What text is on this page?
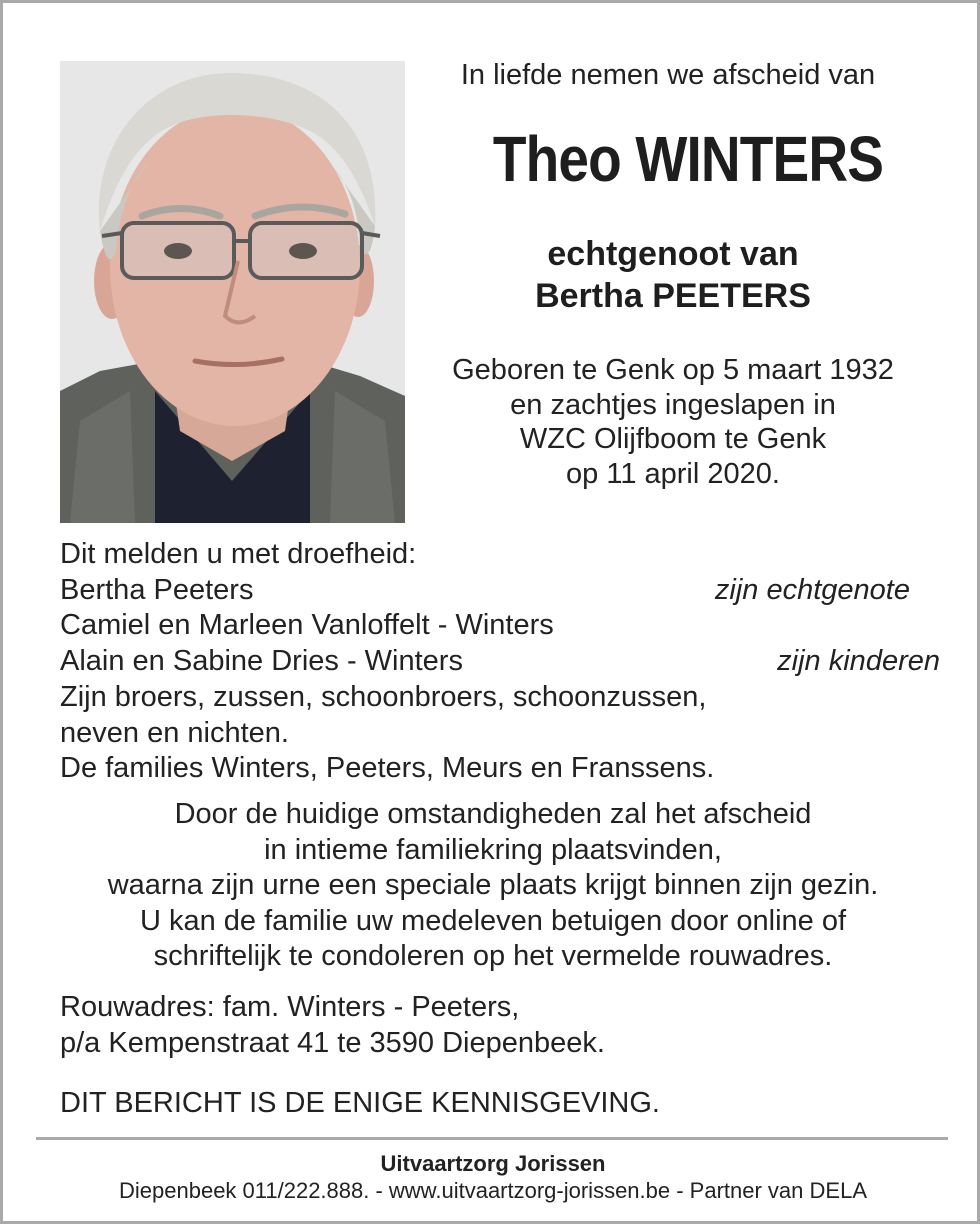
In liefde nemen we afscheid van

Theo WINTERS
echtgenoot van
Bertha PEETERS
Geboren te Genk op 5 maart 1932
en zachtjes ingeslapen in
WZC Olijfboom te Genk
op 11 april 2020.
Dit melden u met droefheid:
Bertha Peeters	zijn echtgenote
Camiel en Marleen Vanloffelt - Winters
Alain en Sabine Dries - Winters	zijn kinderen
Zijn broers, zussen, schoonbroers, schoonzussen,
neven en nichten.
De families Winters, Peeters, Meurs en Franssens.
Door de huidige omstandigheden zal het afscheid
in intieme familiekring plaatsvinden,
waarna zijn urne een speciale plaats krijgt binnen zijn gezin.
U kan de familie uw medeleven betuigen door online of
schriftelijk te condoleren op het vermelde rouwadres.
Rouwadres: fam. Winters - Peeters,
p/a Kempenstraat 41 te 3590 Diepenbeek.

DIT BERICHT IS DE ENIGE KENNISGEVING.

Uitvaartzorg Jorissen
Diepenbeek 011/222.888. - www.uitvaartzorg-jorissen.be - Partner van DELA
